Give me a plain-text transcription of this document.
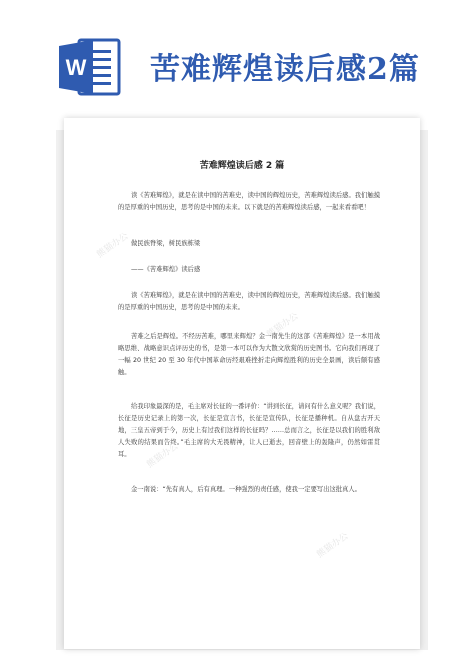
W 苦难辉煌读后感2篇
熊猫办公
熊猫办公
熊猫办公
熊猫办公
苦难辉煌读后感 2 篇

读《苦难辉煌》，就是在读中国的苦难史，读中国的辉煌历史，苦难辉煌读后感。我们触摸的是厚重的中国历史，思考的是中国的未来。以下就是的苦难辉煌读后感，一起来看看吧！

做民族脊梁，树民族栋梁

——《苦难辉煌》读后感

读《苦难辉煌》，就是在读中国的苦难史，读中国的辉煌历史，苦难辉煌读后感。我们触摸的是厚重的中国历史，思考的是中国的未来。

苦难之后是辉煌。不经历苦难，哪里来辉煌？金一南先生的这部《苦难辉煌》是一本用战略思维、战略意识点评历史的书，是第一本可以作为大散文欣赏的历史图书。它向我们再现了一幅 20 世纪 20 至 30 年代中国革命历经艰难挫折走向辉煌胜利的历史全景画，读后颇有感触。

给我印象最深的是，毛主席对长征的一番评价：“讲到长征，请问有什么意义呢？我们说，长征是历史记录上的第一次，长征是宣言书，长征是宣传队，长征是播种机。自从盘古开天地，三皇五帝到于今，历史上有过我们这样的长征吗？……总而言之，长征是以我们的胜利敌人失败的结果而告终。”毛主席的大无畏精神，让人已逝去，回音壁上的轰隆声，仍然如雷贯耳。

金一南说：“先有真人，后有真理。一种强烈的责任感，使我一定要写出这批真人。
